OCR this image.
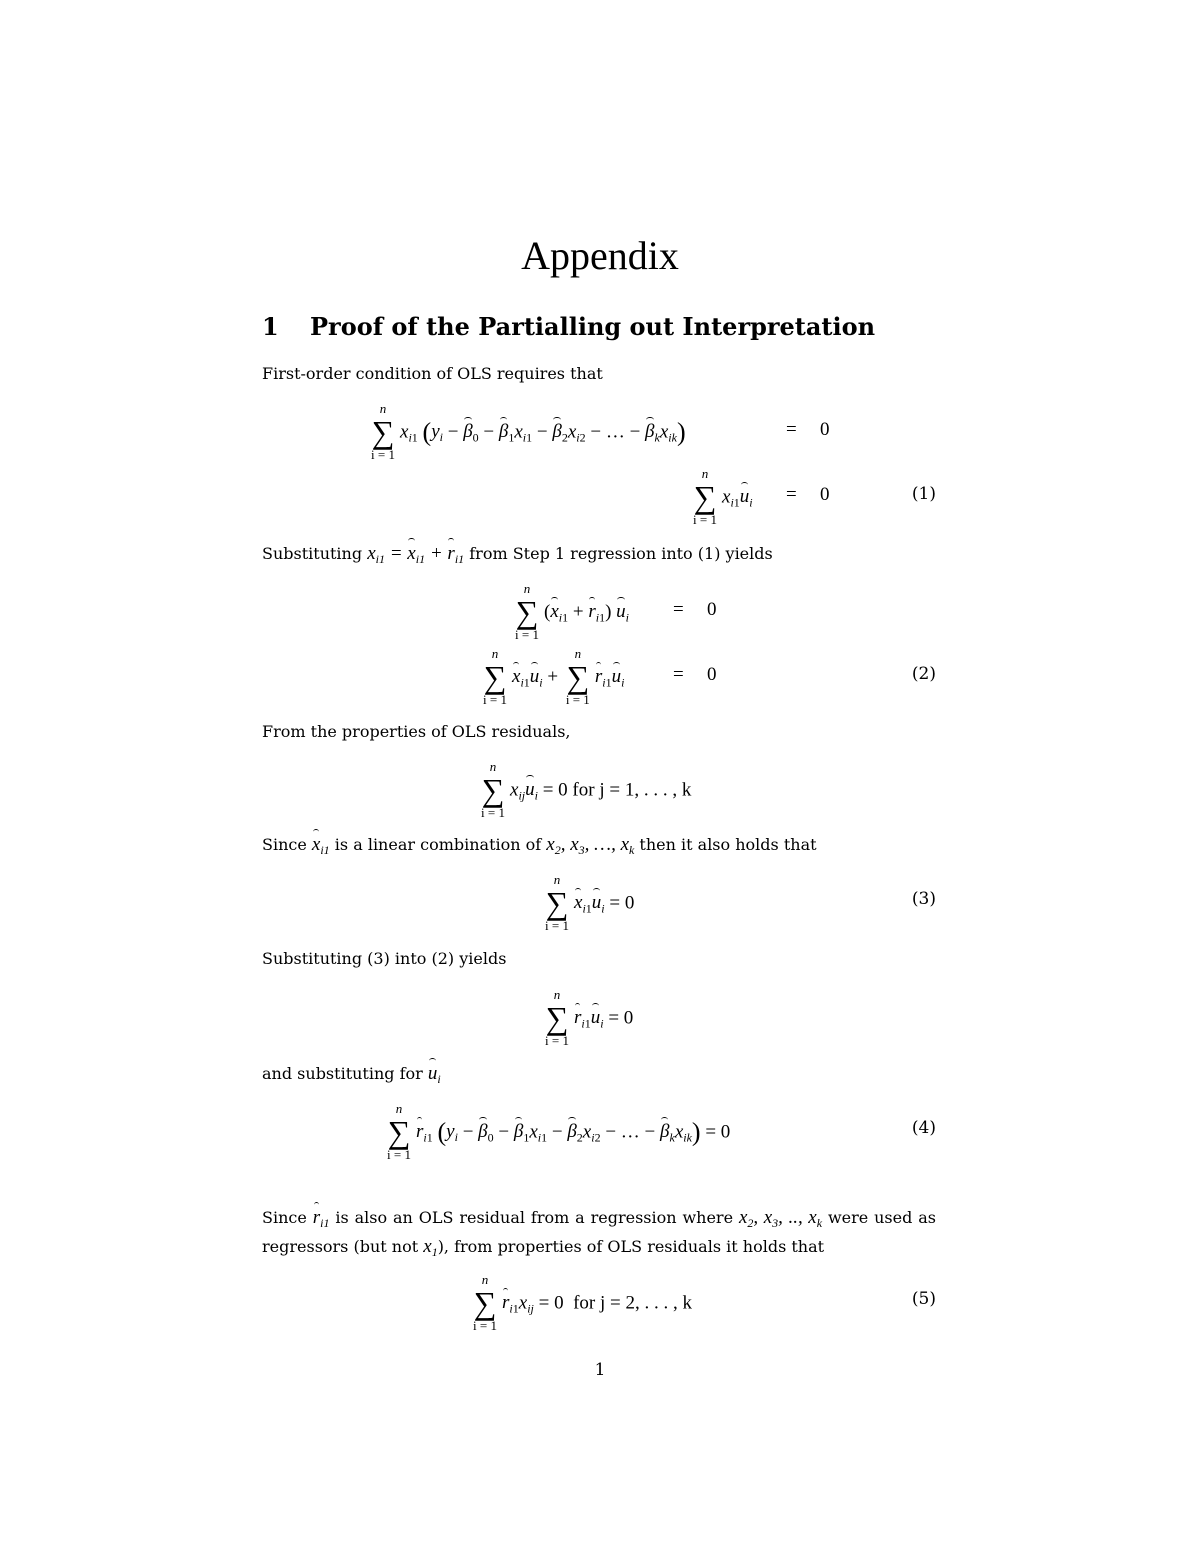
Appendix
1 Proof of the Partialling out Interpretation
First-order condition of OLS requires that
n
∑
i = 1
$x_{i1}$ ($y_i - \beta_0 - \beta_1x_{i1} - \beta_2x_{i2}$ − … − $\beta_kx_{ik}$)	= 0
n
∑
i = 1
$x_{i1}u_i = 0$	(1)
Substituting $x_{i1} = x_{i1} + r_{i1}$ from Step 1 regression into (1) yields
n
∑
i = 1
$(x_{i1} + r_{i1}) u_i = 0$
n
∑
i = 1
$x_{i1}u_i$ +
n
∑
i = 1
$r_{i1}u_i$	= 0	(2)
From the properties of OLS residuals,
n
∑
i = 1
$x_{ij}u_i = 0$ for j = 1, . . . , k
Since $x_{i1}$ is a linear combination of $x_2$, $x_3$, …, $x_k$ then it also holds that
n
∑
i = 1
$x_{i1}u_i = 0$	(3)
Substituting (3) into (2) yields
n
∑
i = 1
$r_{i1}u_i = 0$
and substituting for $u_i$
n
∑
i = 1
$r_{i1}$ ($y_i - \beta_0 - \beta_1x_{i1} - \beta_2x_{i2}$ − … − $\beta_kx_{ik}) = 0$	(4)
Since $r_{i1}$ is also an OLS residual from a regression where $x_2$, $x_3$, .., $x_k$ were used as regressors (but not $x_1$), from properties of OLS residuals it holds that
n
∑
i = 1
$r_{i1}x_{ij} = 0$  for j = 2, . . . , k	(5)
1
